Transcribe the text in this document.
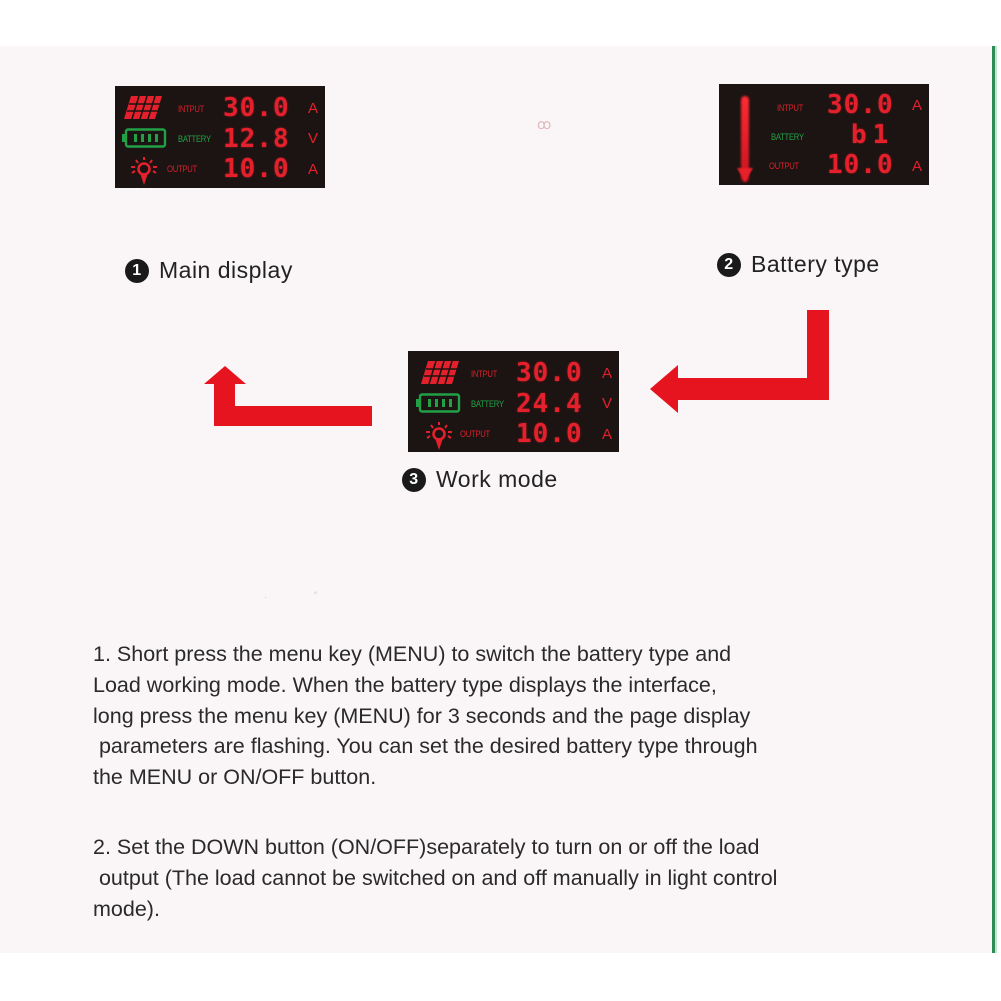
ꝏ
·	˚
INTPUT
BATTERY
OUTPUT
30.0
12.8
10.0
A
V
A
1 Main display
INTPUT
BATTERY
OUTPUT
30.0
b1
10.0
A
A
2 Battery type
INTPUT
BATTERY
OUTPUT
30.0
24.4
10.0
A
V
A
3 Work mode
1. Short press the menu key (MENU) to switch the battery type and
Load working mode. When the battery type displays the interface,
long press the menu key (MENU) for 3 seconds and the page display
parameters are flashing. You can set the desired battery type through
the MENU or ON/OFF button.
2. Set the DOWN button (ON/OFF)separately to turn on or off the load
output (The load cannot be switched on and off manually in light control
mode).
